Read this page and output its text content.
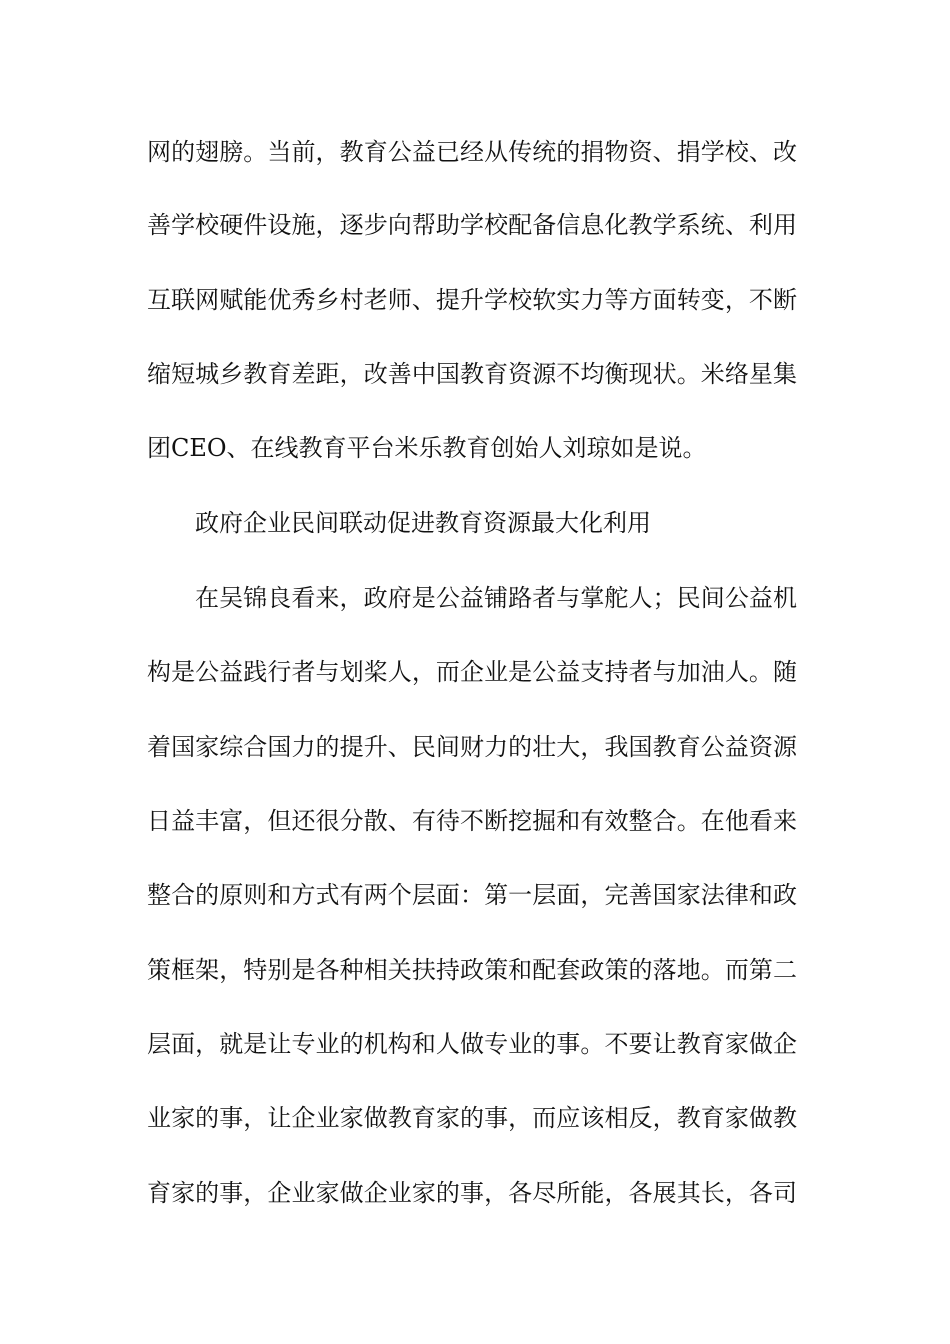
网的翅膀。当前，教育公益已经从传统的捐物资、捐学校、改
善学校硬件设施，逐步向帮助学校配备信息化教学系统、利用
互联网赋能优秀乡村老师、提升学校软实力等方面转变，不断
缩短城乡教育差距，改善中国教育资源不均衡现状。米络星集
团CEO、在线教育平台米乐教育创始人刘琼如是说。
政府企业民间联动促进教育资源最大化利用
在吴锦良看来，政府是公益铺路者与掌舵人；民间公益机
构是公益践行者与划桨人，而企业是公益支持者与加油人。随
着国家综合国力的提升、民间财力的壮大，我国教育公益资源
日益丰富，但还很分散、有待不断挖掘和有效整合。在他看来
整合的原则和方式有两个层面：第一层面，完善国家法律和政
策框架，特别是各种相关扶持政策和配套政策的落地。而第二
层面，就是让专业的机构和人做专业的事。不要让教育家做企
业家的事，让企业家做教育家的事，而应该相反，教育家做教
育家的事，企业家做企业家的事，各尽所能，各展其长，各司
